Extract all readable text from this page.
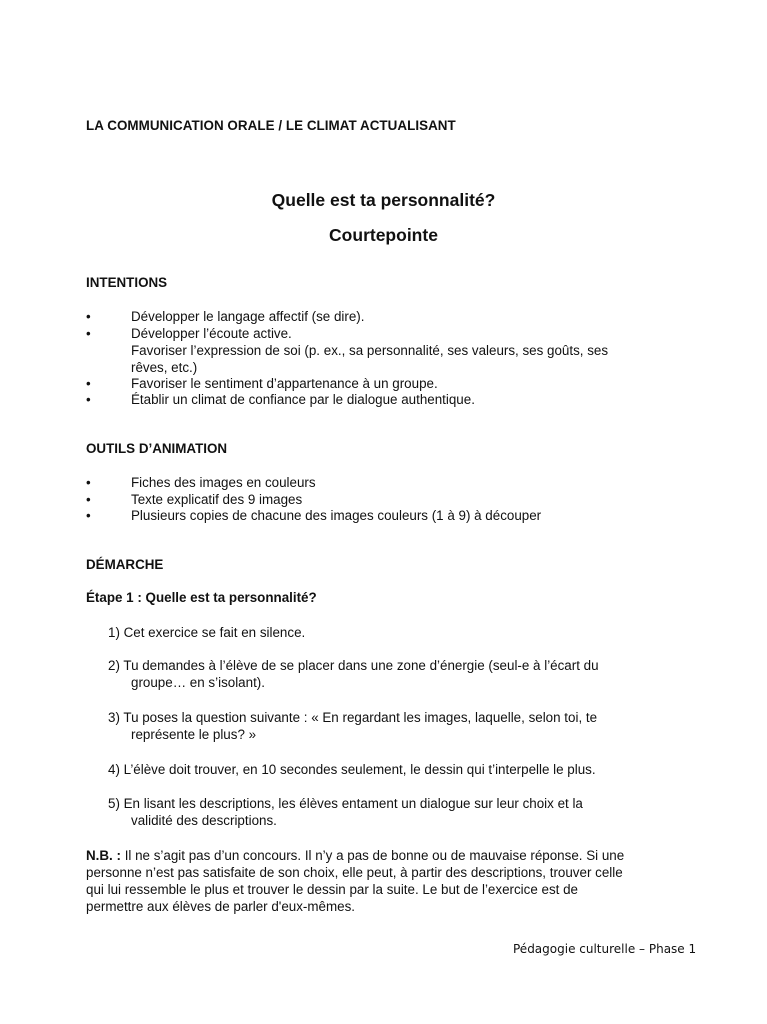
LA COMMUNICATION ORALE / LE CLIMAT ACTUALISANT
Quelle est ta personnalité?
Courtepointe
INTENTIONS
•	Développer le langage affectif (se dire).
•	Développer l’écoute active.
Favoriser l’expression de soi (p. ex., sa personnalité, ses valeurs, ses goûts, ses
rêves, etc.)
•	Favoriser le sentiment d’appartenance à un groupe.
•	Établir un climat de confiance par le dialogue authentique.
OUTILS D’ANIMATION
•	Fiches des images en couleurs
•	Texte explicatif des 9 images
•	Plusieurs copies de chacune des images couleurs (1 à 9) à découper
DÉMARCHE
Étape 1 : Quelle est ta personnalité?
1) Cet exercice se fait en silence.
2) Tu demandes à l’élève de se placer dans une zone d’énergie (seul-e à l’écart du
groupe… en s’isolant).
3) Tu poses la question suivante : « En regardant les images, laquelle, selon toi, te
représente le plus? »
4) L’élève doit trouver, en 10 secondes seulement, le dessin qui t’interpelle le plus.
5) En lisant les descriptions, les élèves entament un dialogue sur leur choix et la
validité des descriptions.
N.B. : Il ne s’agit pas d’un concours. Il n’y a pas de bonne ou de mauvaise réponse. Si une
personne n’est pas satisfaite de son choix, elle peut, à partir des descriptions, trouver celle
qui lui ressemble le plus et trouver le dessin par la suite. Le but de l’exercice est de
permettre aux élèves de parler d'eux-mêmes.
Pédagogie culturelle – Phase 1
